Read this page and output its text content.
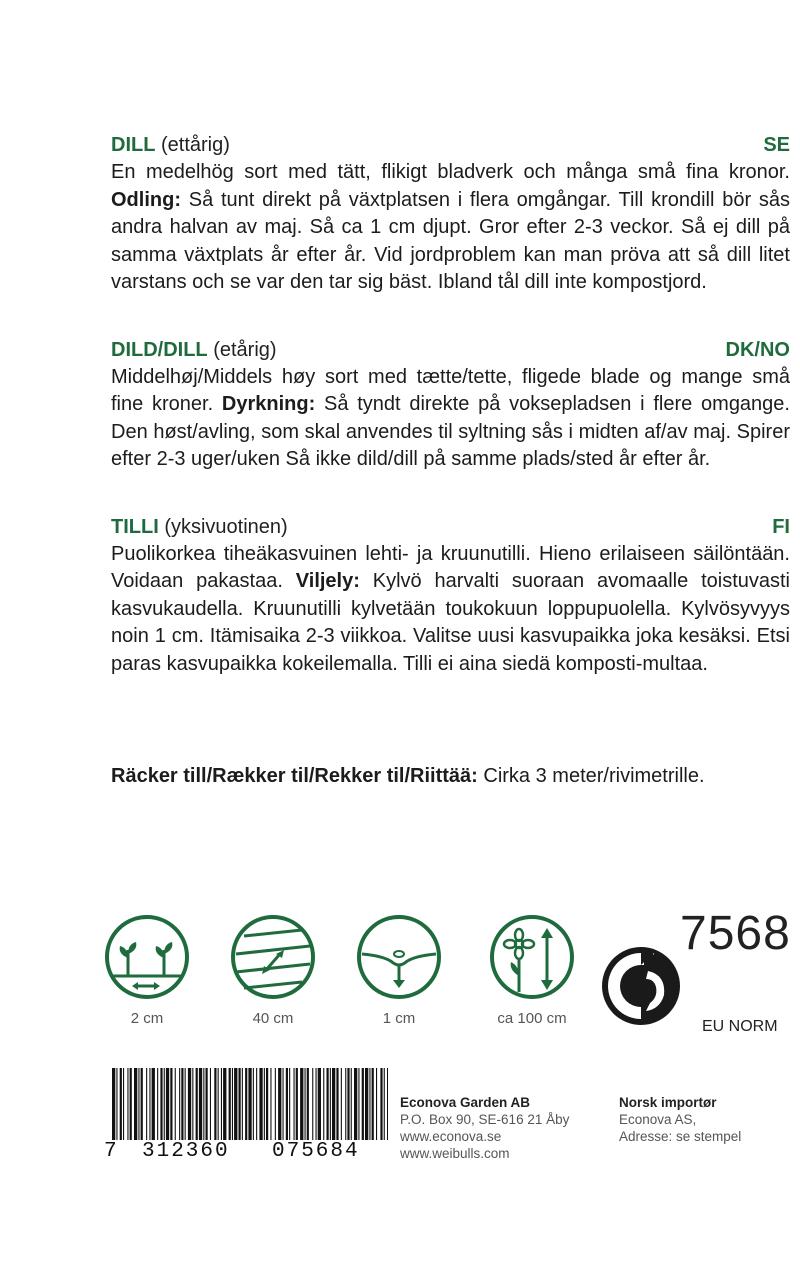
DILL (ettårig)	SE
En medelhög sort med tätt, flikigt bladverk och många små fina kronor. Odling: Så tunt direkt på växtplatsen i flera omgångar. Till krondill bör sås andra halvan av maj. Så ca 1 cm djupt. Gror efter 2-3 veckor. Så ej dill på samma växtplats år efter år. Vid jordproblem kan man pröva att så dill litet varstans och se var den tar sig bäst. Ibland tål dill inte kompostjord.
DILD/DILL (etårig)	DK/NO
Middelhøj/Middels høy sort med tætte/tette, fligede blade og mange små fine kroner. Dyrkning: Så tyndt direkte på voksepladsen i flere omgange. Den høst/avling, som skal anvendes til syltning sås i midten af/av maj. Spirer efter 2-3 uger/uken Så ikke dild/dill på samme plads/sted år efter år.
TILLI (yksivuotinen)	FI
Puolikorkea tiheäkasvuinen lehti- ja kruunutilli. Hieno erilaiseen säilöntään. Voidaan pakastaa. Viljely: Kylvö harvalti suoraan avomaalle toistuvasti kasvukaudella. Kruunutilli kylvetään toukokuun loppupuolella. Kylvösyvyys noin 1 cm. Itämisaika 2-3 viikkoa. Valitse uusi kasvupaikka joka kesäksi. Etsi paras kasvupaikka kokeilemalla. Tilli ei aina siedä komposti-multaa.
Räcker till/Rækker til/Rekker til/Riittää: Cirka 3 meter/rivimetrille.
2 cm	40 cm	1 cm	ca 100 cm
7568
EU NORM
7	312360	075684
Econova Garden AB
P.O. Box 90, SE-616 21 Åby
www.econova.se
www.weibulls.com
Norsk importør
Econova AS,
Adresse: se stempel
